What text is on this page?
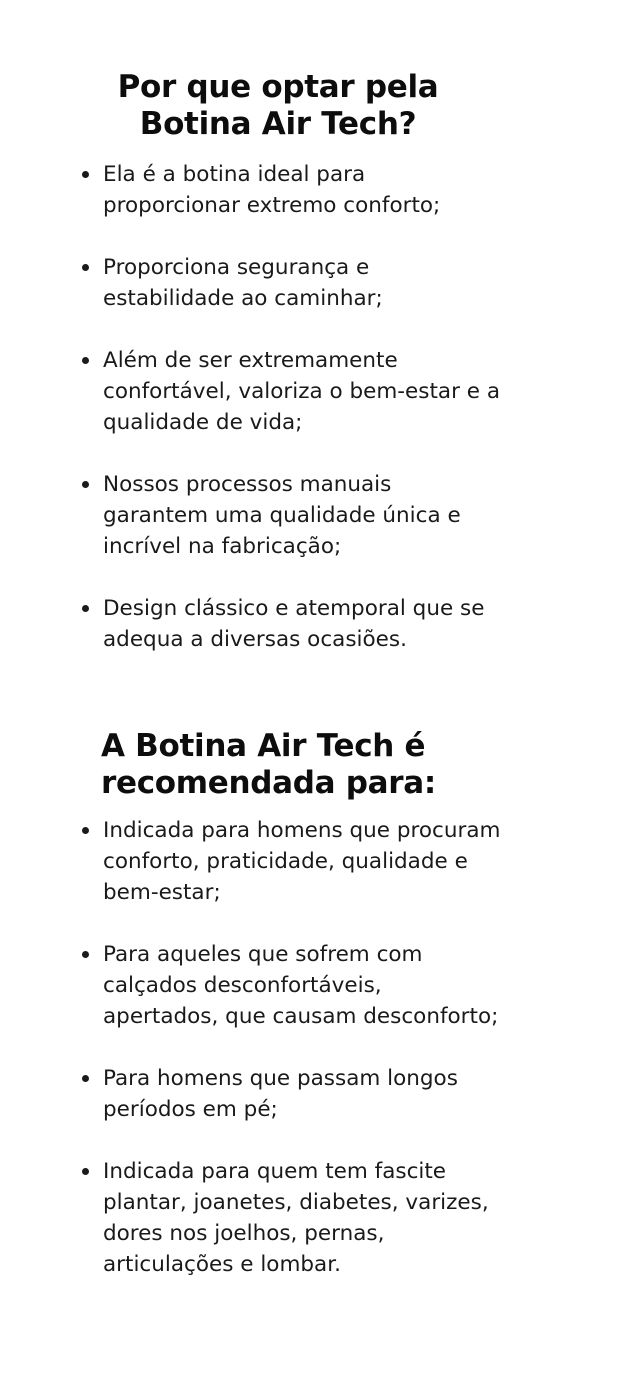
Por que optar pela
Botina Air Tech?
Ela é a botina ideal para proporcionar extremo conforto;
Proporciona segurança e estabilidade ao caminhar;
Além de ser extremamente confortável, valoriza o bem-estar e a qualidade de vida;
Nossos processos manuais garantem uma qualidade única e incrível na fabricação;
Design clássico e atemporal que se adequa a diversas ocasiões.
A Botina Air Tech é
recomendada para:
Indicada para homens que procuram conforto, praticidade, qualidade e bem-estar;
Para aqueles que sofrem com calçados desconfortáveis, apertados, que causam desconforto;
Para homens que passam longos períodos em pé;
Indicada para quem tem fascite plantar, joanetes, diabetes, varizes, dores nos joelhos, pernas, articulações e lombar.
